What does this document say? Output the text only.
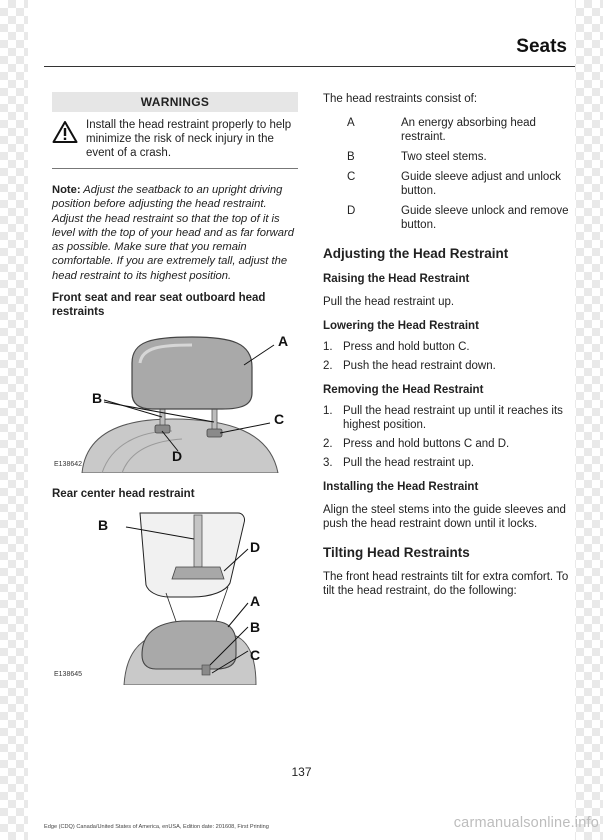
Seats
WARNINGS
Install the head restraint properly to help minimize the risk of neck injury in the event of a crash.
Note: Adjust the seatback to an upright driving position before adjusting the head restraint. Adjust the head restraint so that the top of it is level with the top of your head and as far forward as possible. Make sure that you remain comfortable. If you are extremely tall, adjust the head restraint to its highest position.
Front seat and rear seat outboard head restraints
A
B
C
D
E138642
Rear center head restraint
B
D
A
B
C
E138645
The head restraints consist of:
A	An energy absorbing head restraint.
B	Two steel stems.
C	Guide sleeve adjust and unlock button.
D	Guide sleeve unlock and remove button.
Adjusting the Head Restraint
Raising the Head Restraint
Pull the head restraint up.
Lowering the Head Restraint
1. Press and hold button C.
2. Push the head restraint down.
Removing the Head Restraint
1. Pull the head restraint up until it reaches its highest position.
2. Press and hold buttons C and D.
3. Pull the head restraint up.
Installing the Head Restraint
Align the steel stems into the guide sleeves and push the head restraint down until it locks.
Tilting Head Restraints
The front head restraints tilt for extra comfort. To tilt the head restraint, do the following:
137
Edge (CDQ) Canada/United States of America, enUSA, Edition date: 201608, First Printing	carmanualsonline.info
